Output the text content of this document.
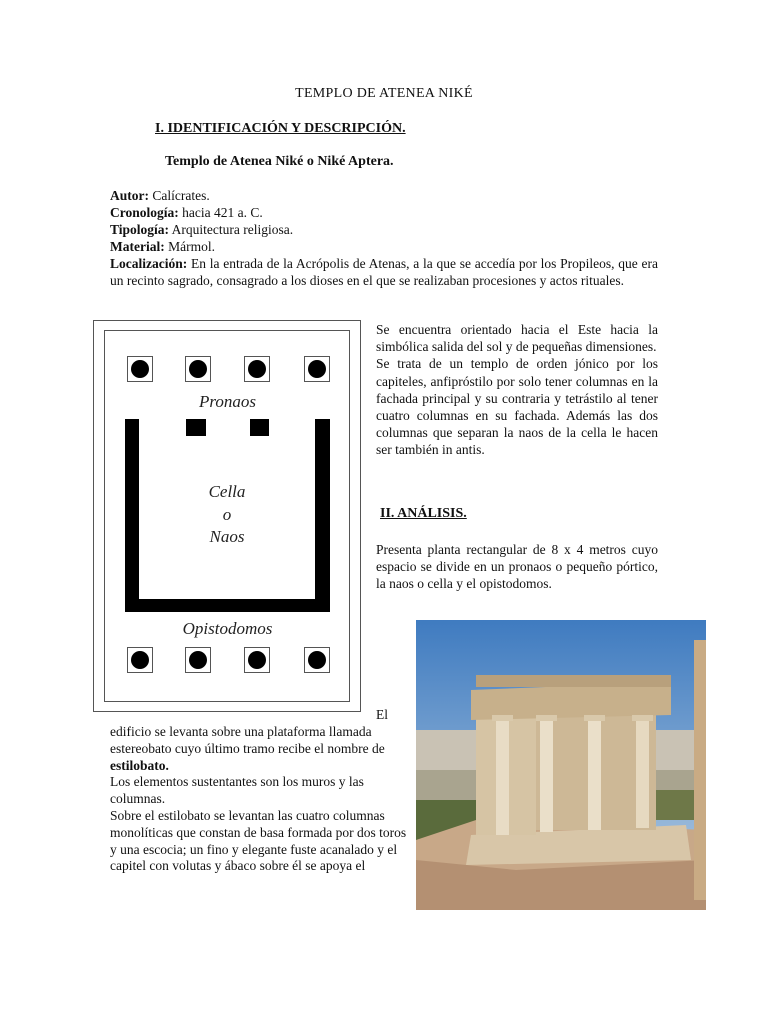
TEMPLO DE ATENEA NIKÉ
I. IDENTIFICACIÓN Y DESCRIPCIÓN.
Templo de Atenea Niké o Niké Aptera.

Autor: Calícrates.

Cronología: hacia 421 a. C.

Tipología: Arquitectura religiosa.

Material: Mármol.

Localización: En la entrada de la Acrópolis de Atenas, a la que se accedía por los Propileos, que era un recinto sagrado, consagrado a los dioses en el que se realizaban procesiones y actos rituales.

Pronaos
Cella
o
Naos
Opistodomos

Se encuentra orientado hacia el Este hacia la simbólica salida del sol y de pequeñas dimensiones.

Se trata de un templo de orden jónico por los capiteles, anfipróstilo por solo tener columnas en la fachada principal y su contraria y tetrástilo al tener cuatro columnas en su fachada. Además las dos columnas que separan la naos de la cella le hacen ser también in antis.

II. ANÁLISIS.
Presenta planta rectangular de 8 x 4 metros cuyo espacio se divide en un pronaos o pequeño pórtico, la naos o cella y el opistodomos.
El

edificio se levanta sobre una plataforma llamada estereobato cuyo último tramo recibe el nombre de estilobato.

Los elementos sustentantes son los muros y las columnas.

Sobre el estilobato se levantan las cuatro columnas monolíticas que constan de basa formada por dos toros y una escocia; un fino y elegante fuste acanalado y el capitel con volutas y ábaco sobre él se apoya el
